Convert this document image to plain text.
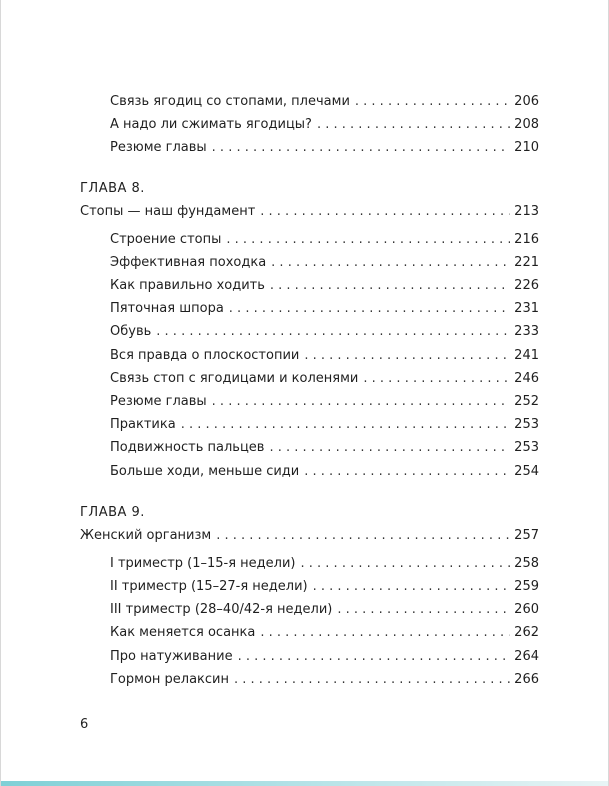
Связь ягодиц со стопами, плечами . . .	206
А надо ли сжимать ягодицы? . . .	208
Резюме главы . . .	210
ГЛАВА 8.
Стопы — наш фундамент . . .	213
Строение стопы . . .	216
Эффективная походка . . .	221
Как правильно ходить . . .	226
Пяточная шпора . . .	231
Обувь . . .	233
Вся правда о плоскостопии . . .	241
Связь стоп с ягодицами и коленями . . .	246
Резюме главы . . .	252
Практика . . .	253
Подвижность пальцев . . .	253
Больше ходи, меньше сиди . . .	254
ГЛАВА 9.
Женский организм . . .	257
I триместр (1–15-я недели) . . .	258
II триместр (15–27-я недели) . . .	259
III триместр (28–40/42-я недели) . . .	260
Как меняется осанка . . .	262
Про натуживание . . .	264
Гормон релаксин . . .	266
6
